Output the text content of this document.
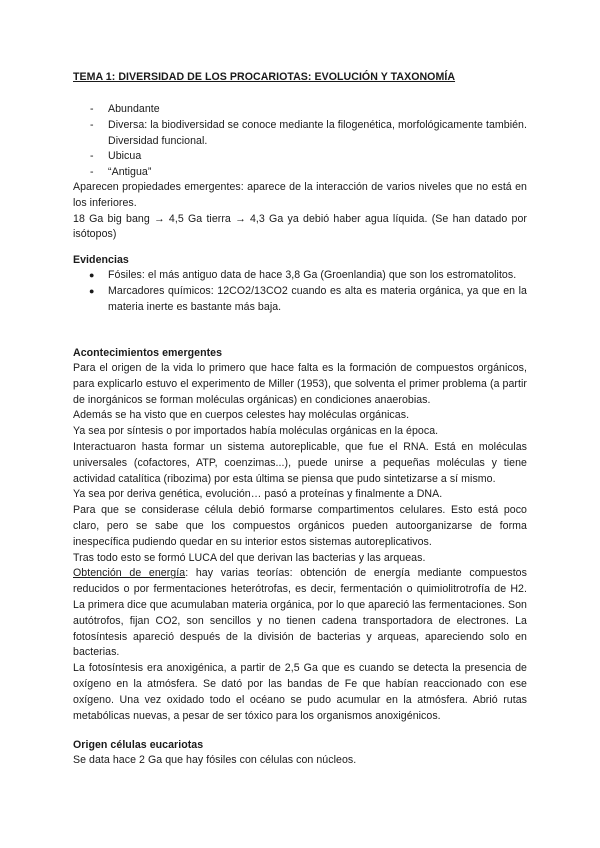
TEMA 1: DIVERSIDAD DE LOS PROCARIOTAS: EVOLUCIÓN Y TAXONOMÍA
- Abundante
- Diversa: la biodiversidad se conoce mediante la filogenética, morfológicamente también. Diversidad funcional.
- Ubicua
- “Antigua”

Aparecen propiedades emergentes: aparece de la interacción de varios niveles que no está en los inferiores.

18 Ga big bang → 4,5 Ga tierra → 4,3 Ga ya debió haber agua líquida. (Se han datado por isótopos)

Evidencias
● Fósiles: el más antiguo data de hace 3,8 Ga (Groenlandia) que son los estromatolitos.
● Marcadores químicos: 12CO2/13CO2 cuando es alta es materia orgánica, ya que en la materia inerte es bastante más baja.
Acontecimientos emergentes

Para el origen de la vida lo primero que hace falta es la formación de compuestos orgánicos, para explicarlo estuvo el experimento de Miller (1953), que solventa el primer problema (a partir de inorgánicos se forman moléculas orgánicas) en condiciones anaerobias.

Además se ha visto que en cuerpos celestes hay moléculas orgánicas.

Ya sea por síntesis o por importados había moléculas orgánicas en la época.

Interactuaron hasta formar un sistema autoreplicable, que fue el RNA. Está en moléculas universales (cofactores, ATP, coenzimas...), puede unirse a pequeñas moléculas y tiene actividad catalítica (ribozima) por esta última se piensa que pudo sintetizarse a sí mismo.

Ya sea por deriva genética, evolución… pasó a proteínas y finalmente a DNA.

Para que se considerase célula debió formarse compartimentos celulares. Esto está poco claro, pero se sabe que los compuestos orgánicos pueden autoorganizarse de forma inespecífica pudiendo quedar en su interior estos sistemas autoreplicativos.

Tras todo esto se formó LUCA del que derivan las bacterias y las arqueas.

Obtención de energía: hay varias teorías: obtención de energía mediante compuestos reducidos o por fermentaciones heterótrofas, es decir, fermentación o quimiolitrotrofía de H2. La primera dice que acumulaban materia orgánica, por lo que apareció las fermentaciones. Son autótrofos, fijan CO2, son sencillos y no tienen cadena transportadora de electrones. La fotosíntesis apareció después de la división de bacterias y arqueas, apareciendo solo en bacterias.

La fotosíntesis era anoxigénica, a partir de 2,5 Ga que es cuando se detecta la presencia de oxígeno en la atmósfera. Se dató por las bandas de Fe que habían reaccionado con ese oxígeno. Una vez oxidado todo el océano se pudo acumular en la atmósfera. Abrió rutas metabólicas nuevas, a pesar de ser tóxico para los organismos anoxigénicos.

Origen células eucariotas
Se data hace 2 Ga que hay fósiles con células con núcleos.
